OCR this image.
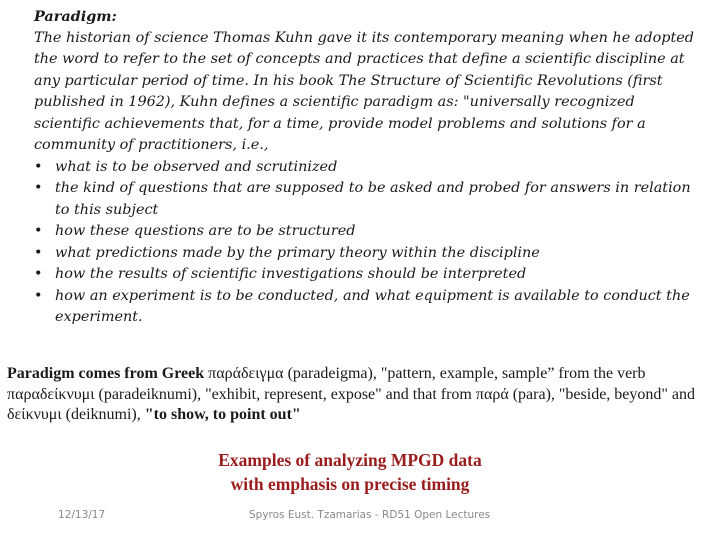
Paradigm:

The historian of science Thomas Kuhn gave it its contemporary meaning when he adopted the word to refer to the set of concepts and practices that define a scientific discipline at any particular period of time. In his book The Structure of Scientific Revolutions (first published in 1962), Kuhn defines a scientific paradigm as: "universally recognized scientific achievements that, for a time, provide model problems and solutions for a community of practitioners, i.e.,

• what is to be observed and scrutinized
• the kind of questions that are supposed to be asked and probed for answers in relation to this subject
• how these questions are to be structured
• what predictions made by the primary theory within the discipline
• how the results of scientific investigations should be interpreted
• how an experiment is to be conducted, and what equipment is available to conduct the experiment.
Paradigm comes from Greek παράδειγμα (paradeigma), "pattern, example, sample” from the verb παραδείκνυμι (paradeiknumi), "exhibit, represent, expose" and that from παρά (para), "beside, beyond" and δείκνυμι (deiknumi), "to show, to point out"
Examples of analyzing MPGD data
with emphasis on precise timing
12/13/17	Spyros Eust. Tzamarias - RD51 Open Lectures
